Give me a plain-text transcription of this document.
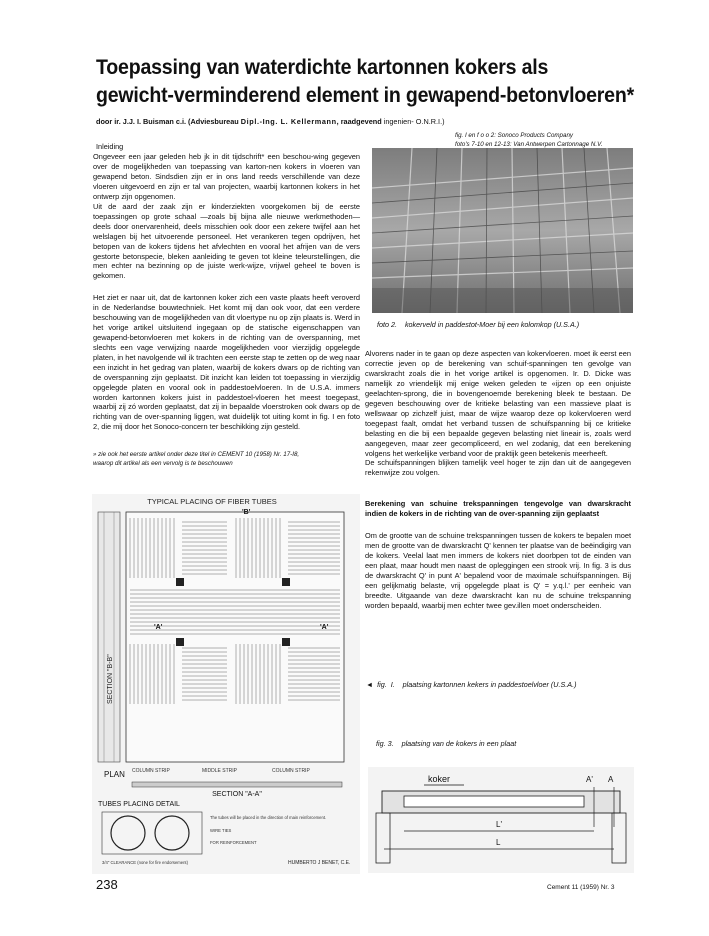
Toepassing van waterdichte kartonnen kokers als
gewicht-verminderend element in gewapend-betonvloeren*
door ir. J.J. I. Buisman c.i. (Adviesbureau Dipl.-Ing. L. Kellermann, raadgevend ingenien- O.N.R.I.)
fig. I en f o o 2: Sonoco Products Company
foto's 7-10 en 12-13: Van Antwerpen Cartonnage N.V.
Inleiding

Ongeveer een jaar geleden heb jk in dit tijdschrift* een beschou-wing gegeven over de mogelijkheden van toepassing van karton-nen kokers in vloeren van gewapend beton. Sindsdien zijn er in ons land reeds verschillende van deze vloeren uitgevoerd en zijn er tal van projecten, waarbij kartonnen kokers in het ontwerp zijn opgenomen.

Uit de aard der zaak zijn er kinderziekten voorgekomen bij de eerste toepassingen op grote schaal —zoals bij bijna alle nieuwe werkmethoden— deels door onervarenheid, deels misschien ook door een zekere twijfel aan het welslagen bij het uitvoerende personeel. Het verankeren tegen opdrijven, het betopen van de kokers tijdens het afvlechten en vooral het afrijen van de vers gestorte betonspecie, bleken aanleiding te geven tot kleine teleurstellingen, die men echter na bezinning op de juiste werk-wijze, vrijwel geheel te boven is gekomen.

Het ziet er naar uit, dat de kartonnen koker zich een vaste plaats heeft veroverd in de Nederlandse bouwtechniek. Het komt mij dan ook voor, dat een verdere beschouwing van de mogelijkheden van dit vloertype nu op zijn plaats is. Werd in het vorige artikel uitsluitend ingegaan op de statische eigenschappen van gewapend-betonvloeren met kokers in de richting van de overspanning, met slechts een vage verwijzing naarde mogelijkheden voor vierzijdig opgelegde platen, in het navolgende wil ik trachten een eerste stap te zetten op de weg naar een inzicht in het gedrag van platen, waarbij de kokers dwars op de richting van de overspanning zijn geplaatst. Dit inzicht kan leiden tot toepassing in vierzijdig opgelegde platen en vooral ook in paddestoelvloeren. In de U.S.A. immers worden kartonnen kokers juist in paddestoel-vloeren het meest toegepast, waarbij zij zó worden geplaatst, dat zij in bepaalde vloerstroken ook dwars op de richting van de over-spanning liggen, wat duidelijk tot uiting komt in fig. I en foto 2, die mij door het Sonoco-concern ter beschikking zijn gesteld.

» zie ook het eerste artikel onder deze titel in CEMENT 10 (1958) Nr. 17-I8,
waarop dit artikel als een vervolg is te beschouwen
foto 2.    kokerveld in paddestot-Moer bij een kolomkop (U.S.A.)

Alvorens nader in te gaan op deze aspecten van kokervloeren. moet ik eerst een correctie jeven op de berekening van schuif-spanningen ten gevolge van cwarskracht zoals die in het vorige artikel is opgenomen. Ir. D. Dicke was namelijk zo vriendelijk mij enige weken geleden te «ijzen op een onjuiste geelachten-sprong, die in bovengenoemde berekening bleek te bestaan. De gegeven beschouwing over de kritieke belasting van een massieve plaat is wellswaar op zichzelf juist, maar de wijze waarop deze op kokervloeren werd toegepast faalt, omdat het verband tussen de schuifspanning bij ce kritieke belasting en die bij een bepaalde gegeven belasting niet lineair is, zoals werd aangegeven, maar zeer gecompliceerd, en wel zodanig, dat een berekening volgens het werkelijke verband voor de praktijk geen betekenis meerheeft.

De schuifspanningen blijken tamelijk veel hoger te zijn dan uit de aangegeven rekenwijze zou volgen.

Berekening van schuine trekspanningen tengevolge van dwarskracht indien de kokers in de richting van de over-spanning zijn geplaatst

Om de grootte van de schuine trekspanningen tussen de kokers te bepalen moet men de grootte van de dwarskracht Q' kennen ter plaatse van de beëindigirg van de kokers. Veelal laat men immers de kokers niet doorbpen tot de einden van een plaat, maar houdt men naast de opleggingen een strook vrij. In fig. 3 is dus de dwarskracht Q' in punt A' bepalend voor de maximale schuifspanningen. Bij een gelijkmatig belaste, vrij opgelegde plaat is Q' = y.q.l.' per eenheic van breedte. Uitgaande van deze dwarskracht kan nu de schuine trekspanning worden bepaald, waarbij men echter twee gev.illen moet onderscheiden.

◄  fig.  I.    plaatsing kartonnen kekers in paddestoelvloer (U.S.A.)
fig. 3.    plaatsing van de kokers in een plaat
TYPICAL PLACING OF FIBER TUBES
SECTION "B-B"
'A'	'A'
'B'
COLUMN STRIP	MIDDLE STRIP	COLUMN STRIP
PLAN
SECTION "A-A"
TUBES PLACING DETAIL
The tubes will be placed in the direction of main reinforcement.
WIRE TIES
FOR REINFORCEMENT
3/4" CLEARANCE (none for fire endorsement)	HUMBERTO J BENET, C.E.
koker	A' A
L'
L
238	Cement 11 (1959) Nr. 3
